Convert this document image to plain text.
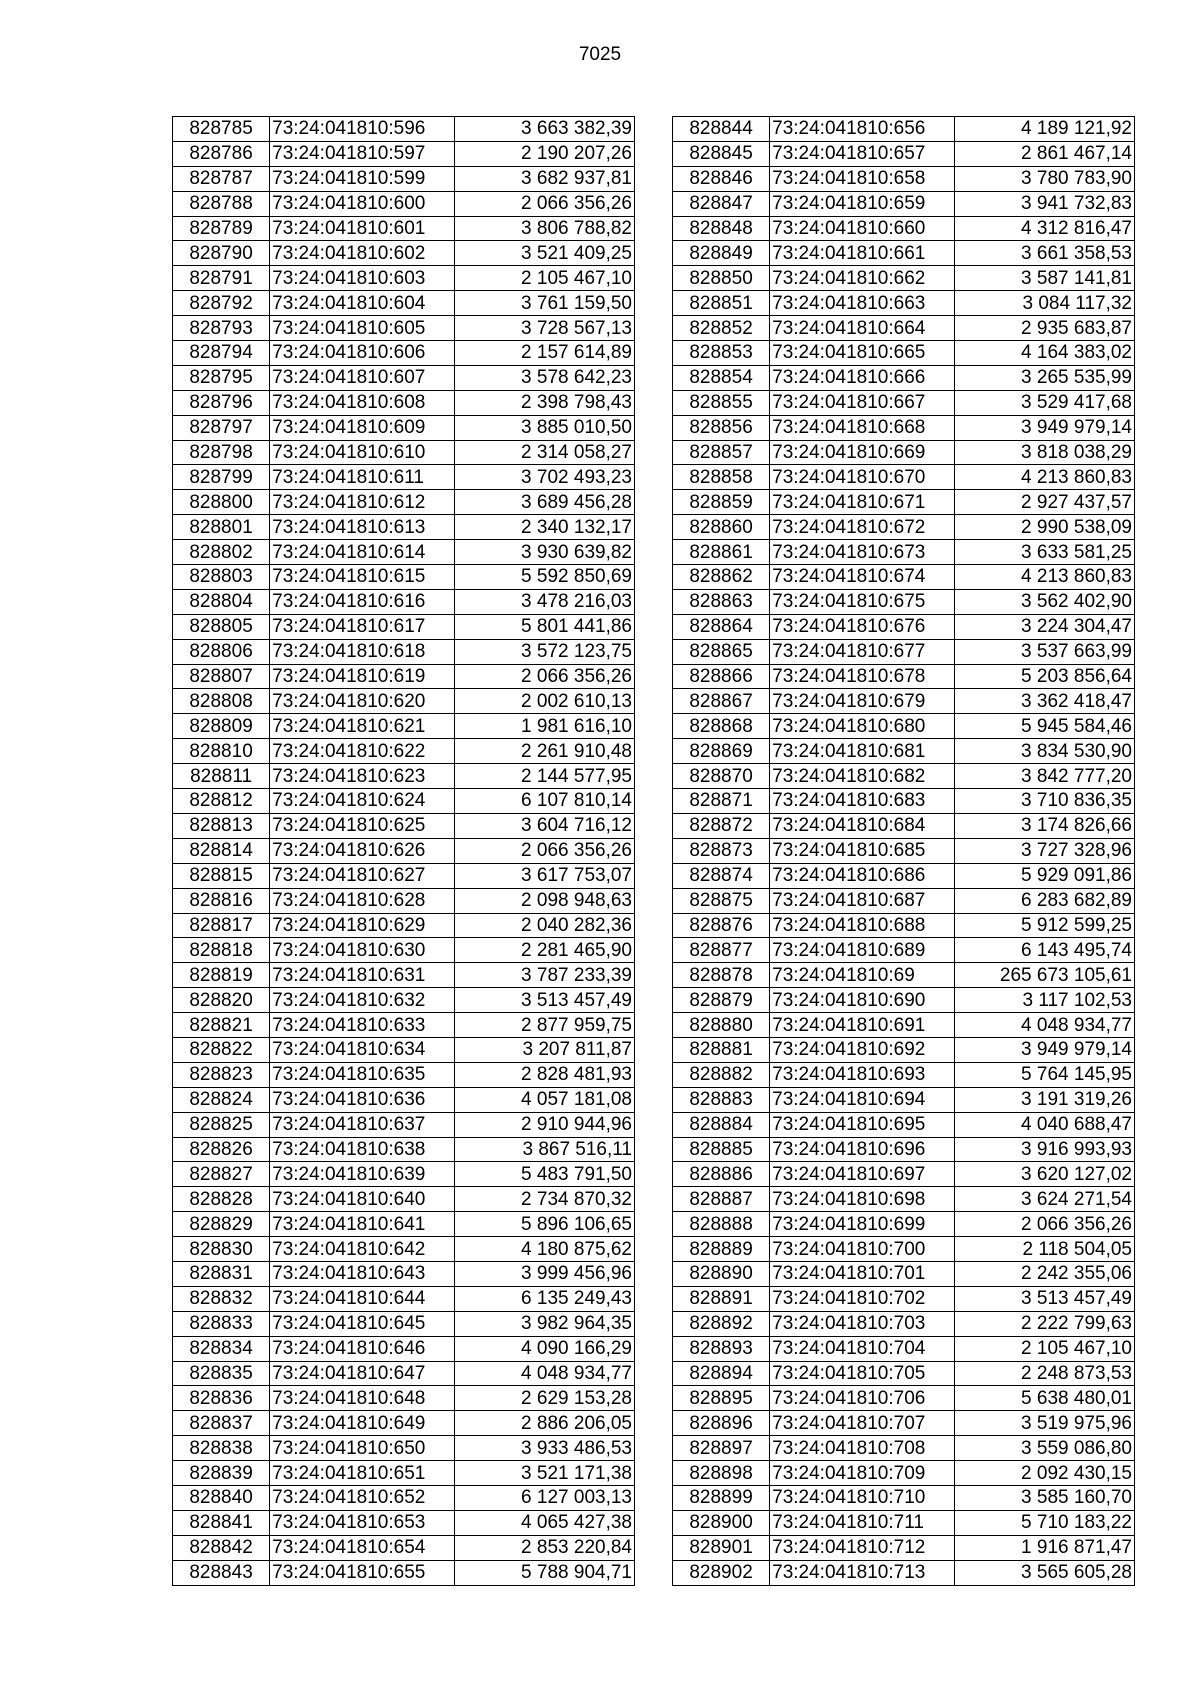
7025
828785	73:24:041810:596	3 663 382,39
828786	73:24:041810:597	2 190 207,26
828787	73:24:041810:599	3 682 937,81
828788	73:24:041810:600	2 066 356,26
828789	73:24:041810:601	3 806 788,82
828790	73:24:041810:602	3 521 409,25
828791	73:24:041810:603	2 105 467,10
828792	73:24:041810:604	3 761 159,50
828793	73:24:041810:605	3 728 567,13
828794	73:24:041810:606	2 157 614,89
828795	73:24:041810:607	3 578 642,23
828796	73:24:041810:608	2 398 798,43
828797	73:24:041810:609	3 885 010,50
828798	73:24:041810:610	2 314 058,27
828799	73:24:041810:611	3 702 493,23
828800	73:24:041810:612	3 689 456,28
828801	73:24:041810:613	2 340 132,17
828802	73:24:041810:614	3 930 639,82
828803	73:24:041810:615	5 592 850,69
828804	73:24:041810:616	3 478 216,03
828805	73:24:041810:617	5 801 441,86
828806	73:24:041810:618	3 572 123,75
828807	73:24:041810:619	2 066 356,26
828808	73:24:041810:620	2 002 610,13
828809	73:24:041810:621	1 981 616,10
828810	73:24:041810:622	2 261 910,48
828811	73:24:041810:623	2 144 577,95
828812	73:24:041810:624	6 107 810,14
828813	73:24:041810:625	3 604 716,12
828814	73:24:041810:626	2 066 356,26
828815	73:24:041810:627	3 617 753,07
828816	73:24:041810:628	2 098 948,63
828817	73:24:041810:629	2 040 282,36
828818	73:24:041810:630	2 281 465,90
828819	73:24:041810:631	3 787 233,39
828820	73:24:041810:632	3 513 457,49
828821	73:24:041810:633	2 877 959,75
828822	73:24:041810:634	3 207 811,87
828823	73:24:041810:635	2 828 481,93
828824	73:24:041810:636	4 057 181,08
828825	73:24:041810:637	2 910 944,96
828826	73:24:041810:638	3 867 516,11
828827	73:24:041810:639	5 483 791,50
828828	73:24:041810:640	2 734 870,32
828829	73:24:041810:641	5 896 106,65
828830	73:24:041810:642	4 180 875,62
828831	73:24:041810:643	3 999 456,96
828832	73:24:041810:644	6 135 249,43
828833	73:24:041810:645	3 982 964,35
828834	73:24:041810:646	4 090 166,29
828835	73:24:041810:647	4 048 934,77
828836	73:24:041810:648	2 629 153,28
828837	73:24:041810:649	2 886 206,05
828838	73:24:041810:650	3 933 486,53
828839	73:24:041810:651	3 521 171,38
828840	73:24:041810:652	6 127 003,13
828841	73:24:041810:653	4 065 427,38
828842	73:24:041810:654	2 853 220,84
828843	73:24:041810:655	5 788 904,71
828844	73:24:041810:656	4 189 121,92
828845	73:24:041810:657	2 861 467,14
828846	73:24:041810:658	3 780 783,90
828847	73:24:041810:659	3 941 732,83
828848	73:24:041810:660	4 312 816,47
828849	73:24:041810:661	3 661 358,53
828850	73:24:041810:662	3 587 141,81
828851	73:24:041810:663	3 084 117,32
828852	73:24:041810:664	2 935 683,87
828853	73:24:041810:665	4 164 383,02
828854	73:24:041810:666	3 265 535,99
828855	73:24:041810:667	3 529 417,68
828856	73:24:041810:668	3 949 979,14
828857	73:24:041810:669	3 818 038,29
828858	73:24:041810:670	4 213 860,83
828859	73:24:041810:671	2 927 437,57
828860	73:24:041810:672	2 990 538,09
828861	73:24:041810:673	3 633 581,25
828862	73:24:041810:674	4 213 860,83
828863	73:24:041810:675	3 562 402,90
828864	73:24:041810:676	3 224 304,47
828865	73:24:041810:677	3 537 663,99
828866	73:24:041810:678	5 203 856,64
828867	73:24:041810:679	3 362 418,47
828868	73:24:041810:680	5 945 584,46
828869	73:24:041810:681	3 834 530,90
828870	73:24:041810:682	3 842 777,20
828871	73:24:041810:683	3 710 836,35
828872	73:24:041810:684	3 174 826,66
828873	73:24:041810:685	3 727 328,96
828874	73:24:041810:686	5 929 091,86
828875	73:24:041810:687	6 283 682,89
828876	73:24:041810:688	5 912 599,25
828877	73:24:041810:689	6 143 495,74
828878	73:24:041810:69	265 673 105,61
828879	73:24:041810:690	3 117 102,53
828880	73:24:041810:691	4 048 934,77
828881	73:24:041810:692	3 949 979,14
828882	73:24:041810:693	5 764 145,95
828883	73:24:041810:694	3 191 319,26
828884	73:24:041810:695	4 040 688,47
828885	73:24:041810:696	3 916 993,93
828886	73:24:041810:697	3 620 127,02
828887	73:24:041810:698	3 624 271,54
828888	73:24:041810:699	2 066 356,26
828889	73:24:041810:700	2 118 504,05
828890	73:24:041810:701	2 242 355,06
828891	73:24:041810:702	3 513 457,49
828892	73:24:041810:703	2 222 799,63
828893	73:24:041810:704	2 105 467,10
828894	73:24:041810:705	2 248 873,53
828895	73:24:041810:706	5 638 480,01
828896	73:24:041810:707	3 519 975,96
828897	73:24:041810:708	3 559 086,80
828898	73:24:041810:709	2 092 430,15
828899	73:24:041810:710	3 585 160,70
828900	73:24:041810:711	5 710 183,22
828901	73:24:041810:712	1 916 871,47
828902	73:24:041810:713	3 565 605,28
